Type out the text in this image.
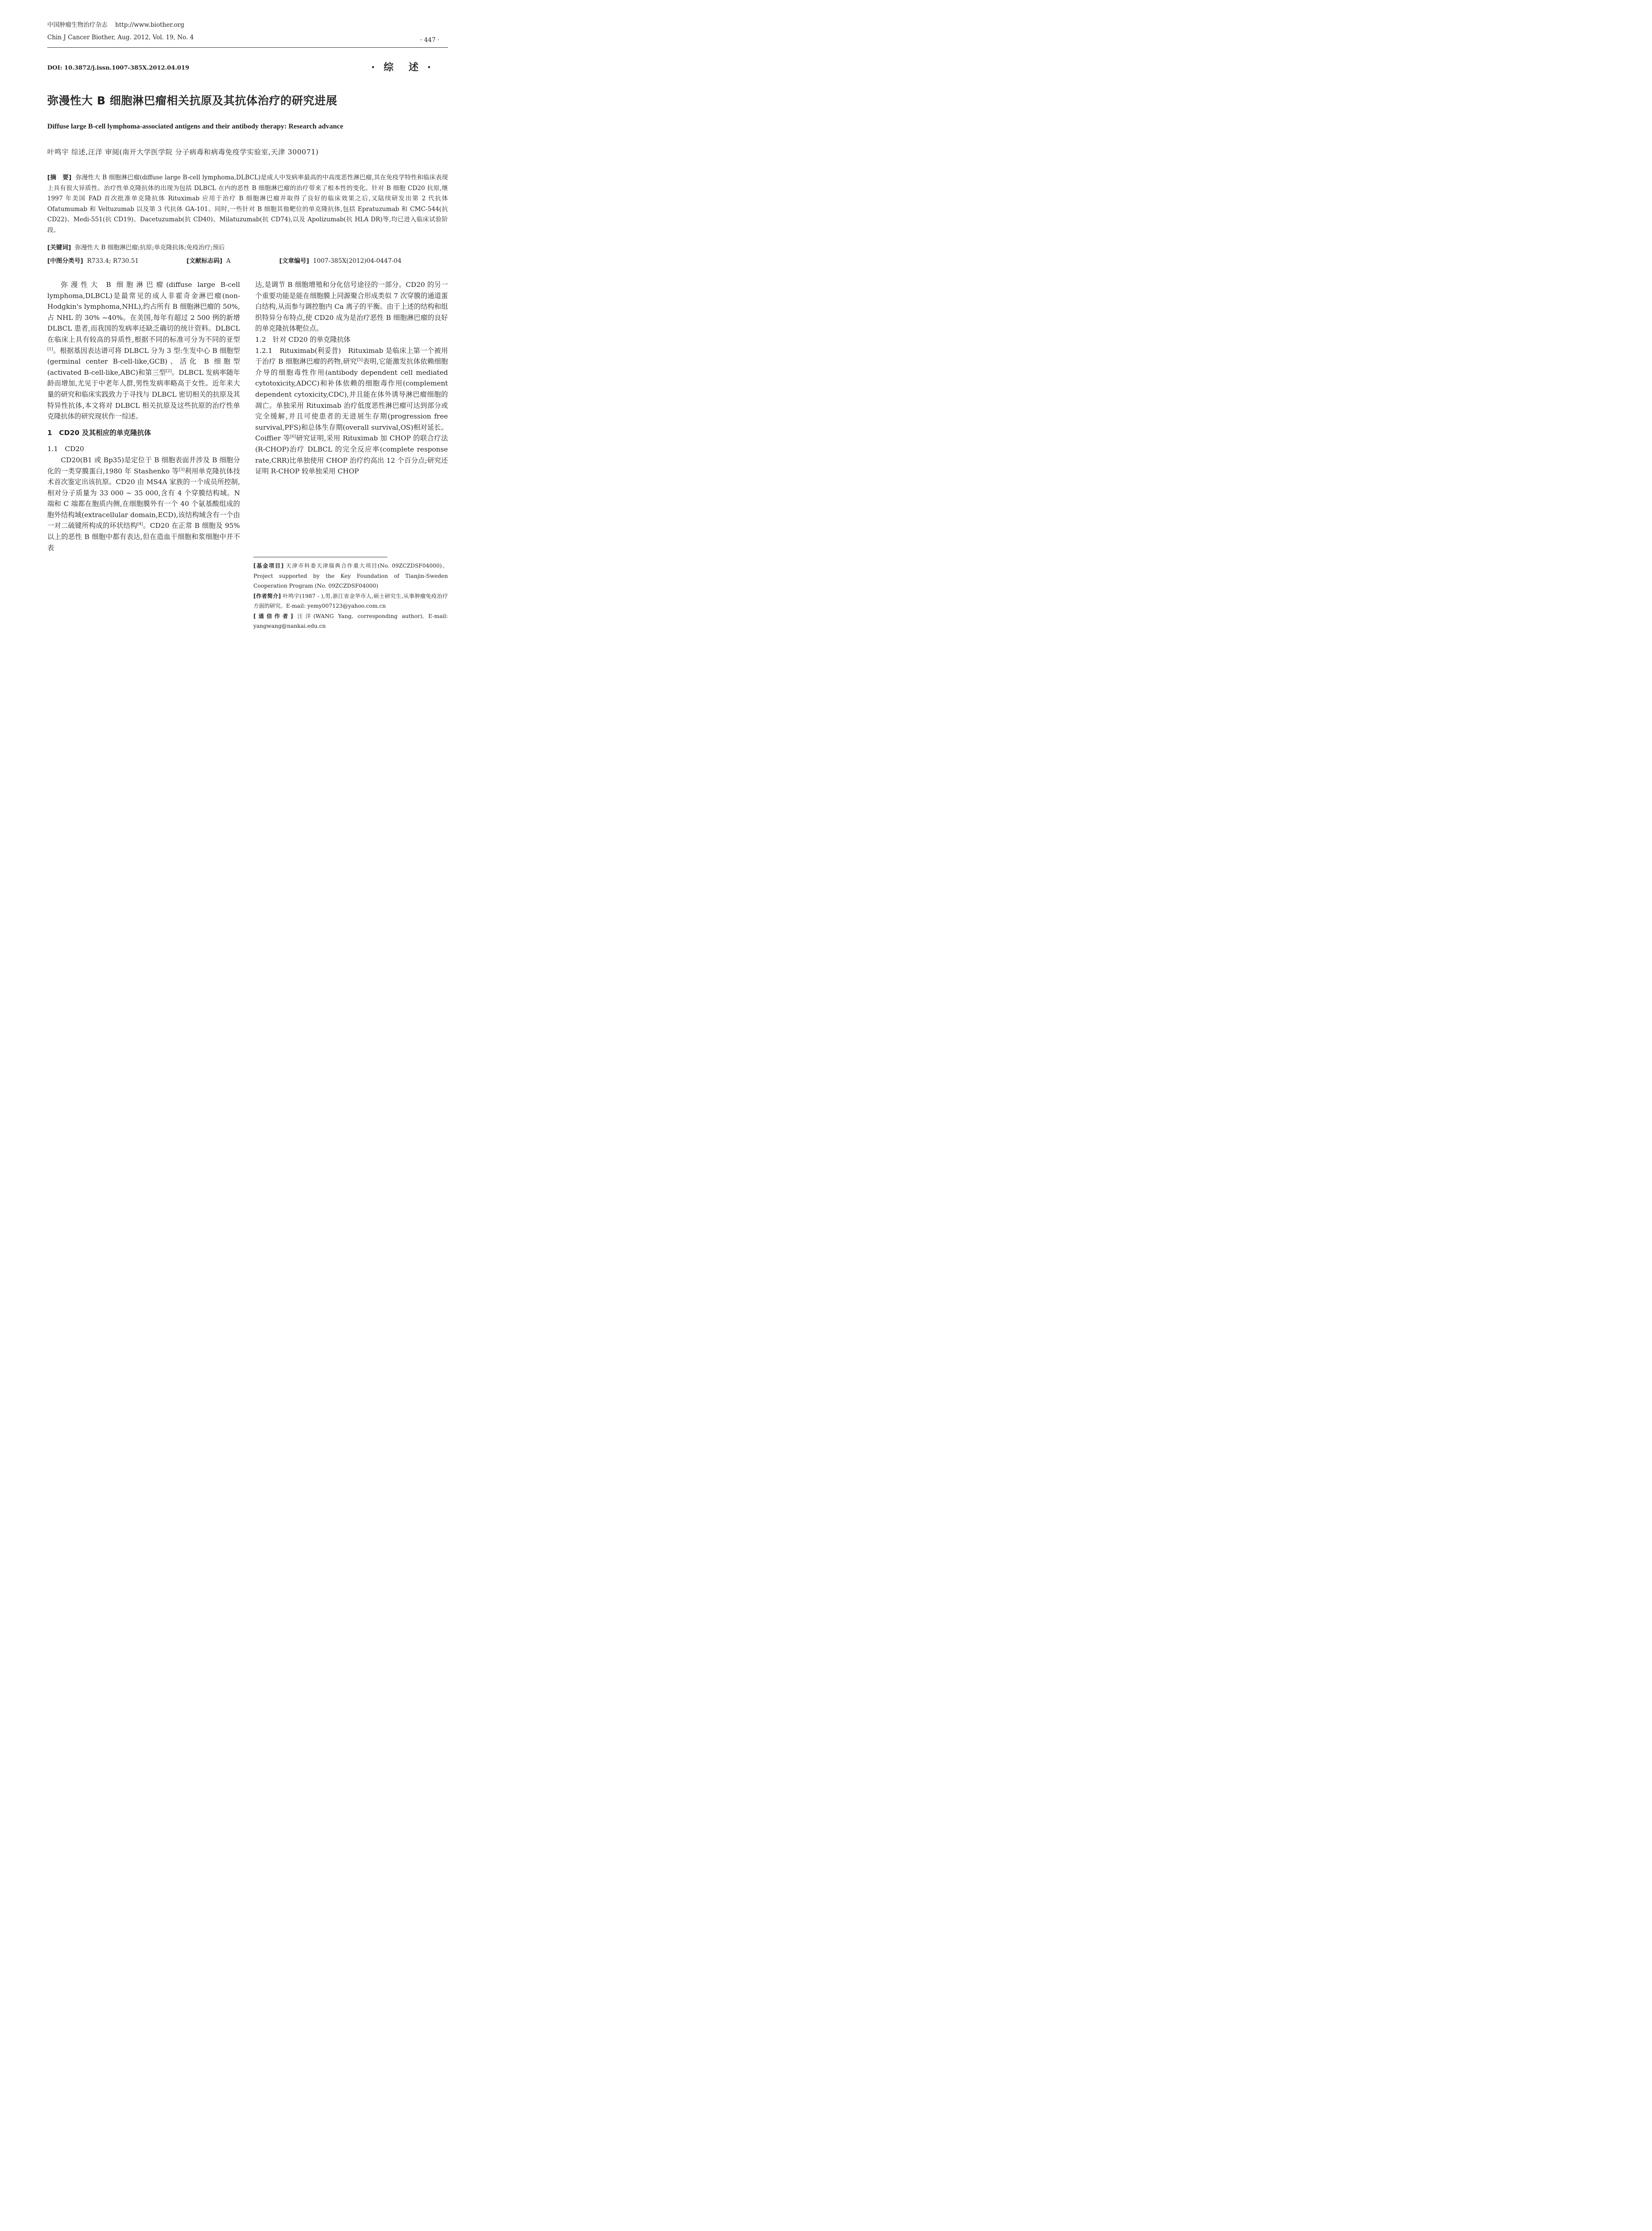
中国肿瘤生物治疗杂志 http://www.biother.org
Chin J Cancer Biother, Aug. 2012, Vol. 19, No. 4	· 447 ·
DOI: 10.3872/j.issn.1007-385X.2012.04.019	· 综　述 ·
弥漫性大 B 细胞淋巴瘤相关抗原及其抗体治疗的研究进展
Diffuse large B-cell lymphoma-associated antigens and their antibody therapy: Research advance
叶鸣宇 综述,汪洋 审阅(南开大学医学院 分子病毒和病毒免疫学实验室,天津 300071)
[摘　要] 弥漫性大 B 细胞淋巴瘤(diffuse large B-cell lymphoma,DLBCL)是成人中发病率最高的中高度恶性淋巴瘤,其在免疫学特性和临床表现上具有很大异质性。治疗性单克隆抗体的出现为包括 DLBCL 在内的恶性 B 细胞淋巴瘤的治疗带来了根本性的变化。针对 B 细胞 CD20 抗原,继 1997 年美国 FAD 首次批准单克隆抗体 Rituximab 应用于治疗 B 细胞淋巴瘤并取得了良好的临床效果之后,又陆续研发出第 2 代抗体 Ofatumumab 和 Veltuzumab 以及第 3 代抗体 GA-101。同时,一些针对 B 细胞其他靶位的单克隆抗体,包括 Epratuzumab 和 CMC-544(抗 CD22)、Medi-551(抗 CD19)、Dacetuzumab(抗 CD40)、Milatuzumab(抗 CD74),以及 Apolizumab(抗 HLA DR)等,均已进入临床试验阶段。
[关键词] 弥漫性大 B 细胞淋巴瘤;抗原;单克隆抗体;免疫治疗;预后
[中图分类号] R733.4; R730.51	[文献标志码] A	[文章编号] 1007-385X(2012)04-0447-04

弥漫性大 B 细胞淋巴瘤(diffuse large B-cell lymphoma,DLBCL)是最常见的成人非霍奇金淋巴瘤(non-Hodgkin's lymphoma,NHL),约占所有 B 细胞淋巴瘤的 50%,占 NHL 的 30% ~40%。在美国,每年有超过 2 500 例的新增 DLBCL 患者,而我国的发病率还缺乏确切的统计资料。DLBCL 在临床上具有较高的异质性,根据不同的标准可分为不同的亚型[1]。根据基因表达谱可将 DLBCL 分为 3 型:生发中心 B 细胞型(germinal center B-cell-like,GCB)、活化 B 细胞型(activated B-cell-like,ABC)和第三型[2]。DLBCL 发病率随年龄而增加,尤见于中老年人群,男性发病率略高于女性。近年来大量的研究和临床实践致力于寻找与 DLBCL 密切相关的抗原及其特异性抗体,本文将对 DLBCL 相关抗原及这些抗原的治疗性单克隆抗体的研究现状作一综述。

1　CD20 及其相应的单克隆抗体

1.1　CD20

CD20(B1 或 Bp35)是定位于 B 细胞表面并涉及 B 细胞分化的一类穿膜蛋白,1980 年 Stashenko 等[3]利用单克隆抗体技术首次鉴定出该抗原。CD20 由 MS4A 家族的一个成员所控制,相对分子质量为 33 000 ~ 35 000,含有 4 个穿膜结构域。N 端和 C 端都在胞质内侧,在细胞膜外有一个 40 个氨基酸组成的胞外结构域(extracellular domain,ECD),该结构域含有一个由一对二硫键所构成的环状结构[4]。CD20 在正常 B 细胞及 95% 以上的恶性 B 细胞中都有表达,但在造血干细胞和浆细胞中并不表

达,是调节 B 细胞增殖和分化信号途径的一部分。CD20 的另一个重要功能是能在细胞膜上同源聚合形成类似 7 次穿膜的通道蛋白结构,从而参与调控胞内 Ca 离子的平衡。由于上述的结构和组织特异分布特点,使 CD20 成为是治疗恶性 B 细胞淋巴瘤的良好的单克隆抗体靶位点。

1.2　针对 CD20 的单克隆抗体

1.2.1　Rituximab(利妥昔)　Rituximab 是临床上第一个被用于治疗 B 细胞淋巴瘤的药物,研究[5]表明,它能激发抗体依赖细胞介导的细胞毒性作用(antibody dependent cell mediated cytotoxicity,ADCC)和补体依赖的细胞毒作用(complement dependent cytoxicity,CDC),并且能在体外诱导淋巴瘤细胞的凋亡。单独采用 Rituximab 治疗低度恶性淋巴瘤可达到部分或完全缓解,并且可使患者的无进展生存期(progression free survival,PFS)和总体生存期(overall survival,OS)相对延长。Coiffier 等[6]研究证明,采用 Rituximab 加 CHOP 的联合疗法(R-CHOP)治疗 DLBCL 的完全反应率(complete response rate,CRR)比单独使用 CHOP 治疗约高出 12 个百分点;研究还证明 R-CHOP 较单独采用 CHOP

[基金项目] 天津市科委天津瑞典合作重大项目(No. 09ZCZDSF04000)。Project supported by the Key Foundation of Tianjin-Sweden Cooperation Program (No. 09ZCZDSF04000)

[作者简介] 叶鸣宇(1987 - ),男,浙江省金华市人,硕士研究生,从事肿瘤免疫治疗方面的研究。E-mail: yemy007123@yahoo.com.cn

[通信作者] 汪洋(WANG Yang, corresponding author), E-mail: yangwang@nankai.edu.cn
